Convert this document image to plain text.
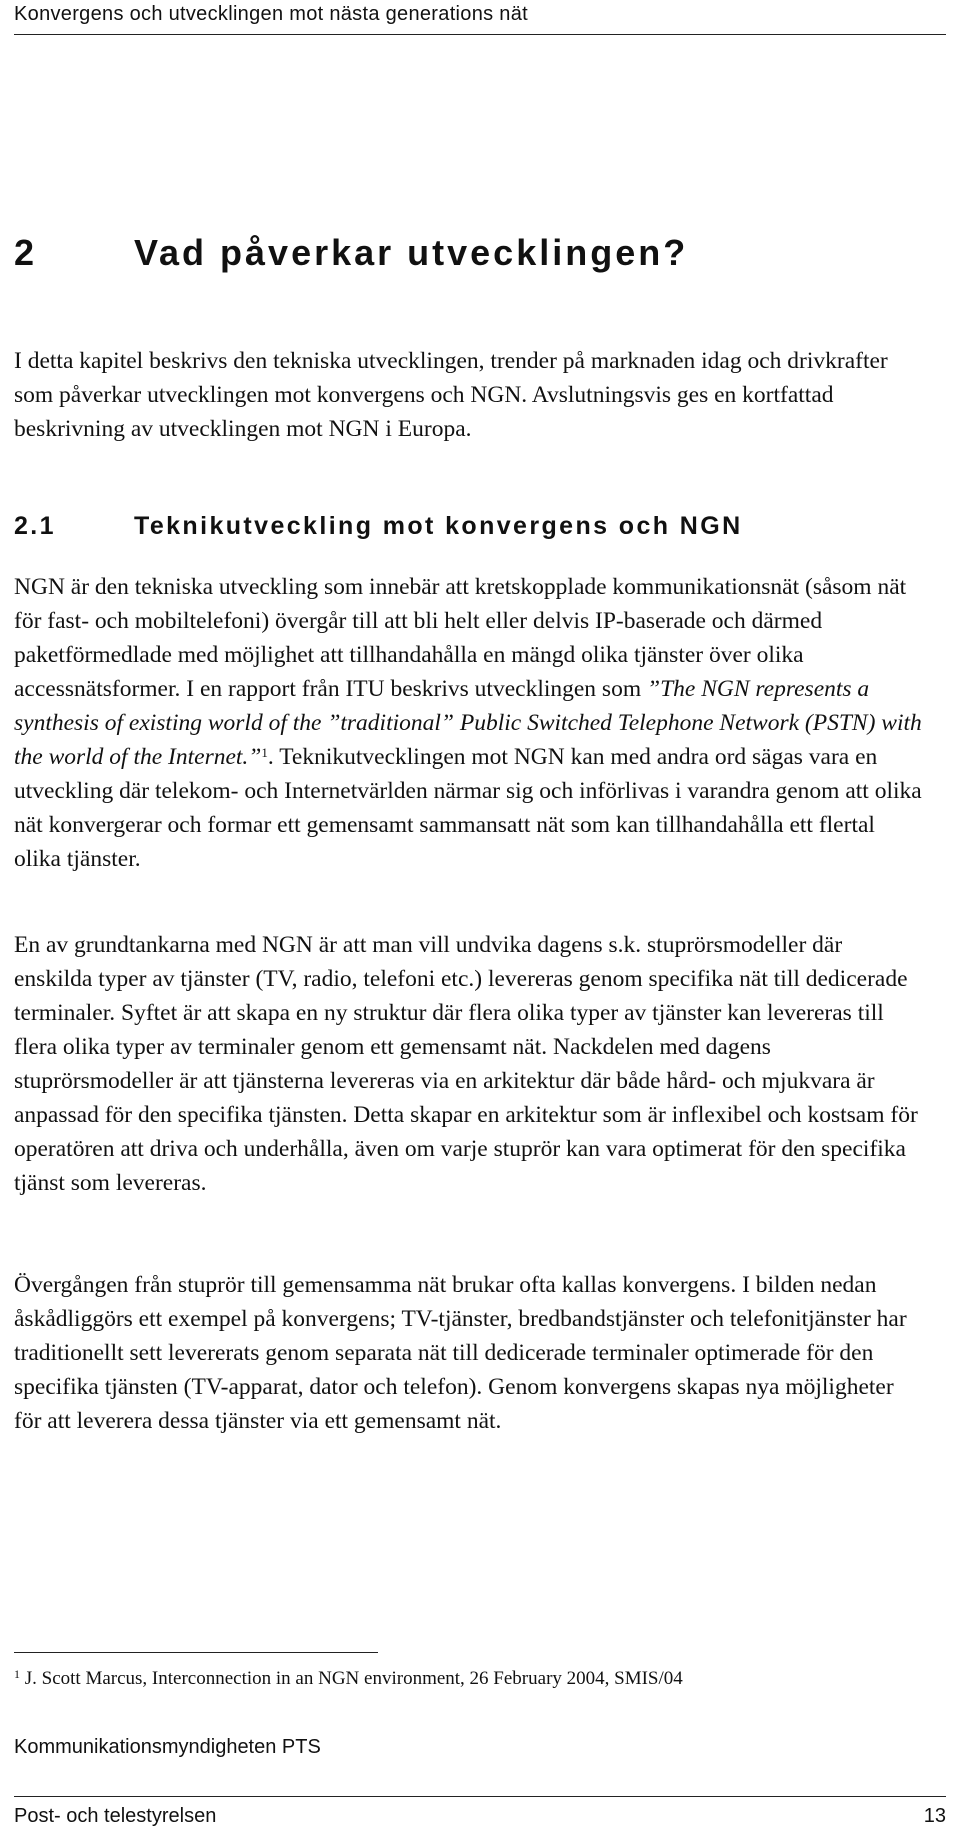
Konvergens och utvecklingen mot nästa generations nät
2	Vad påverkar utvecklingen?

I detta kapitel beskrivs den tekniska utvecklingen, trender på marknaden idag och drivkrafter som påverkar utvecklingen mot konvergens och NGN. Avslutningsvis ges en kortfattad beskrivning av utvecklingen mot NGN i Europa.

2.1	Teknikutveckling mot konvergens och NGN

NGN är den tekniska utveckling som innebär att kretskopplade kommunikationsnät (såsom nät för fast- och mobiltelefoni) övergår till att bli helt eller delvis IP-baserade och därmed paketförmedlade med möjlighet att tillhandahålla en mängd olika tjänster över olika accessnätsformer. I en rapport från ITU beskrivs utvecklingen som ”The NGN represents a synthesis of existing world of the ”traditional” Public Switched Telephone Network (PSTN) with the world of the Internet.”$^1$. Teknikutvecklingen mot NGN kan med andra ord sägas vara en utveckling där telekom- och Internetvärlden närmar sig och införlivas i varandra genom att olika nät konvergerar och formar ett gemensamt sammansatt nät som kan tillhandahålla ett flertal olika tjänster.

En av grundtankarna med NGN är att man vill undvika dagens s.k. stuprörsmodeller där enskilda typer av tjänster (TV, radio, telefoni etc.) levereras genom specifika nät till dedicerade terminaler. Syftet är att skapa en ny struktur där flera olika typer av tjänster kan levereras till flera olika typer av terminaler genom ett gemensamt nät. Nackdelen med dagens stuprörsmodeller är att tjänsterna levereras via en arkitektur där både hård- och mjukvara är anpassad för den specifika tjänsten. Detta skapar en arkitektur som är inflexibel och kostsam för operatören att driva och underhålla, även om varje stuprör kan vara optimerat för den specifika tjänst som levereras.

Övergången från stuprör till gemensamma nät brukar ofta kallas konvergens. I bilden nedan åskådliggörs ett exempel på konvergens; TV-tjänster, bredbandstjänster och telefonitjänster har traditionellt sett levererats genom separata nät till dedicerade terminaler optimerade för den specifika tjänsten (TV-apparat, dator och telefon). Genom konvergens skapas nya möjligheter för att leverera dessa tjänster via ett gemensamt nät.

$^1$ J. Scott Marcus, Interconnection in an NGN environment, 26 February 2004, SMIS/04
Kommunikationsmyndigheten PTS
Post- och telestyrelsen	13
